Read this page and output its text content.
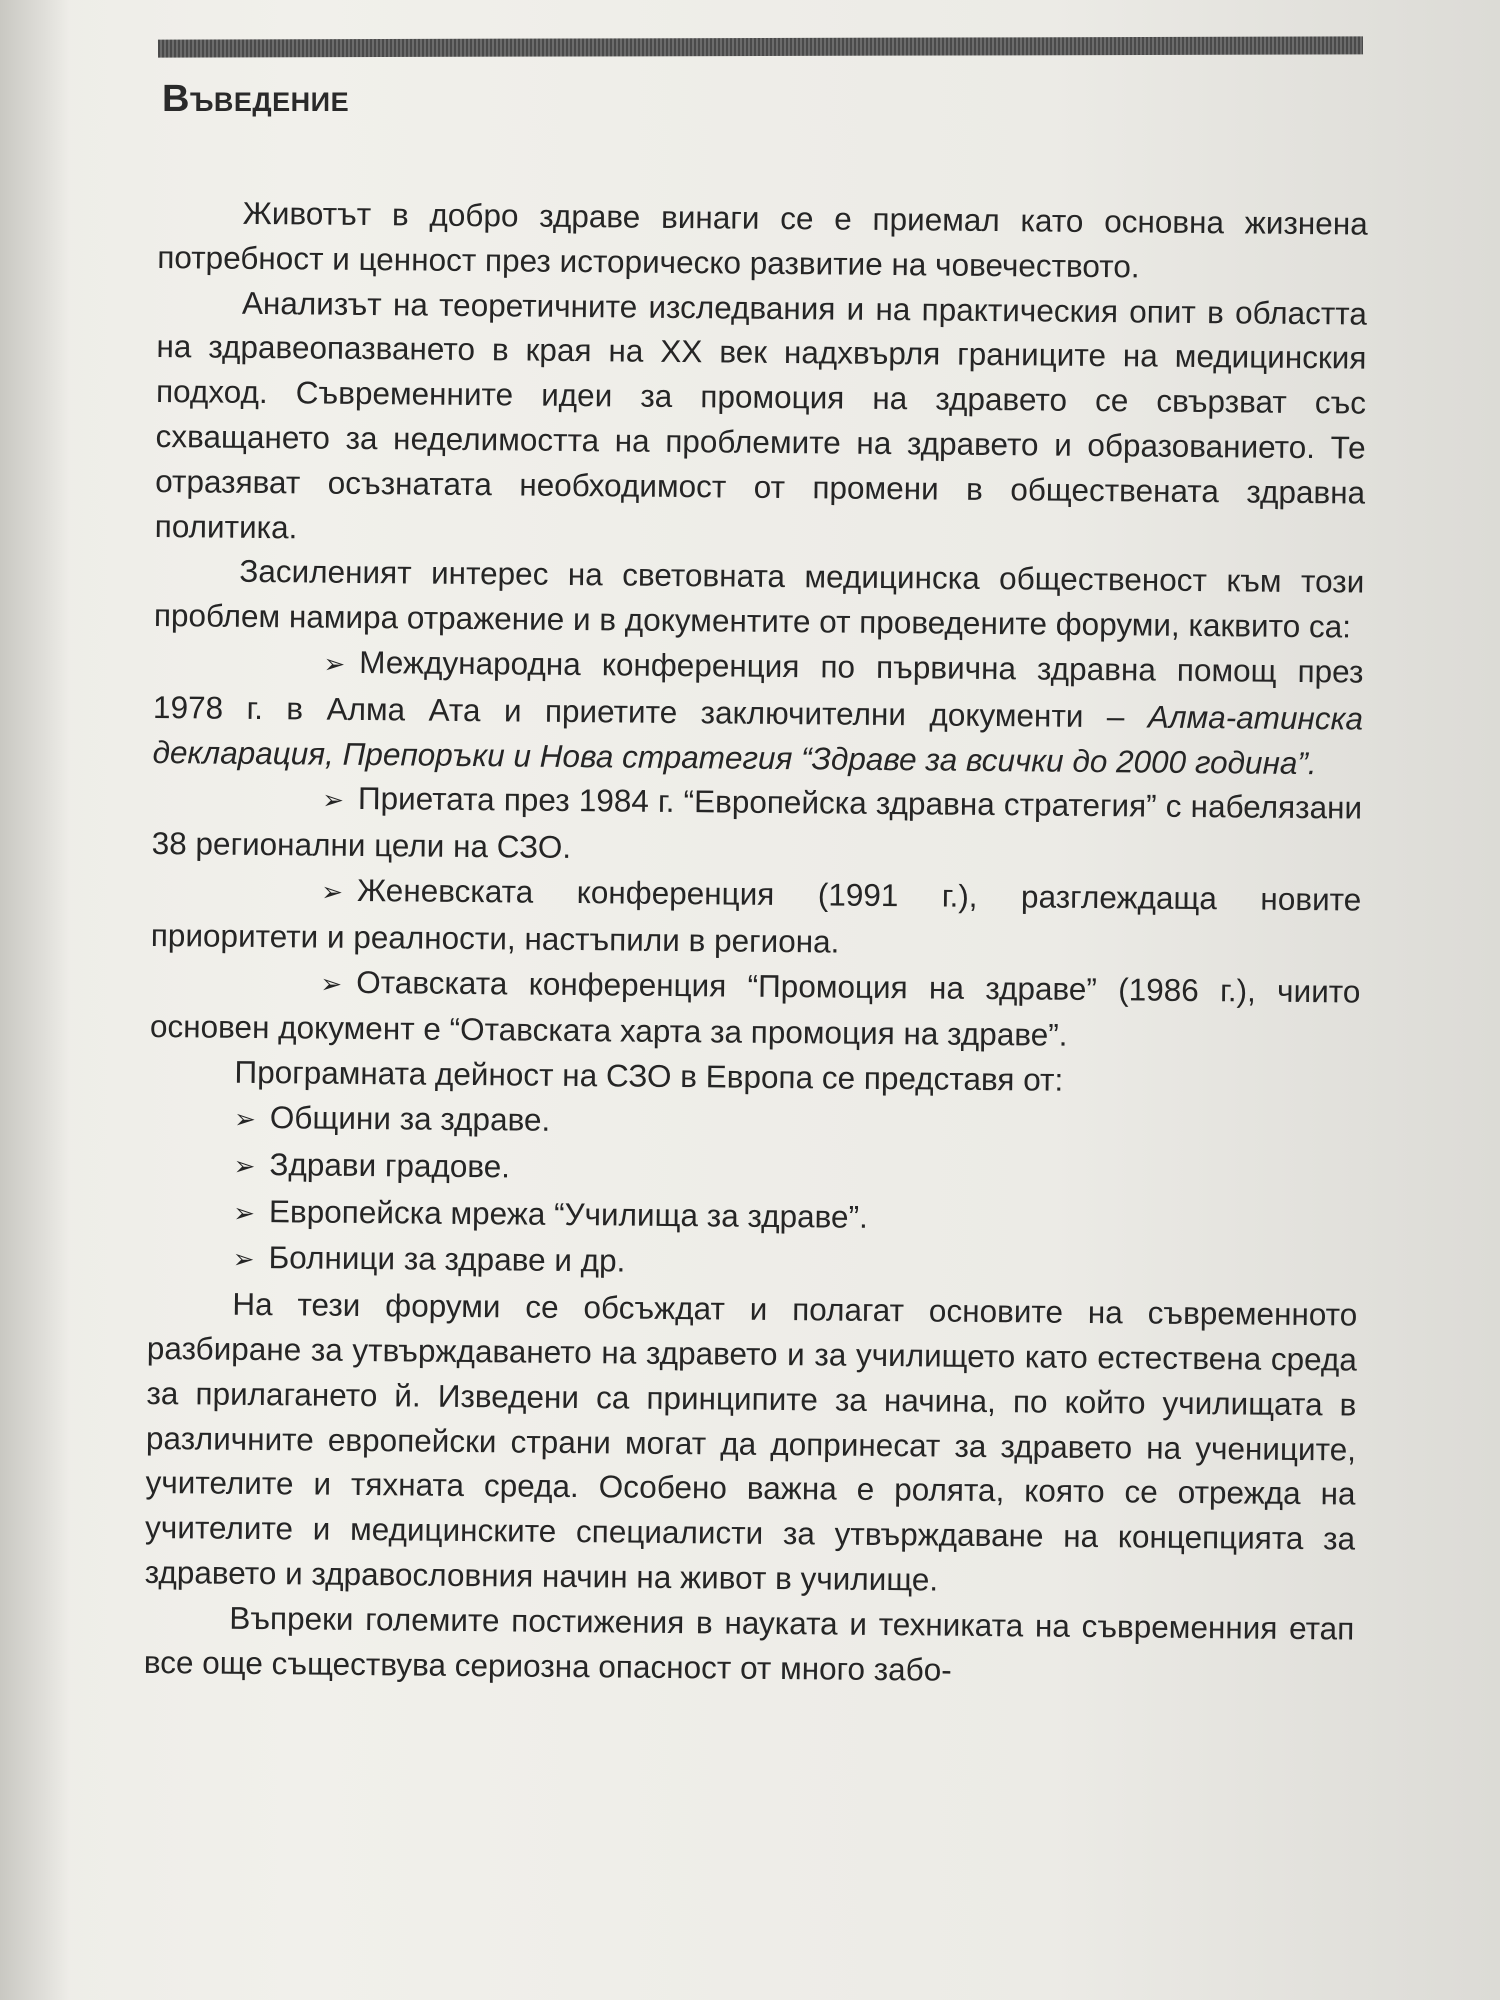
Въведение

Животът в добро здраве винаги се е приемал като основна жизнена потребност и ценност през историческо развитие на човечеството.

Анализът на теоретичните изследвания и на практическия опит в областта на здравеопазването в края на XX век надхвърля границите на медицинския подход. Съвременните идеи за промоция на здравето се свързват със схващането за неделимостта на проблемите на здравето и образованието. Те отразяват осъзнатата необходимост от промени в обществената здравна политика.

Засиленият интерес на световната медицинска общественост към този проблем намира отражение и в документите от проведените форуми, каквито са:

➢ Международна конференция по първична здравна помощ през 1978 г. в Алма Ата и приетите заключителни документи – Алма-атинска декларация, Препоръки и Нова стратегия “Здраве за всички до 2000 година”.

➢ Приетата през 1984 г. “Европейска здравна стратегия” с набелязани 38 регионални цели на СЗО.

➢ Женевската конференция (1991 г.), разглеждаща новите приоритети и реалности, настъпили в региона.

➢ Отавската конференция “Промоция на здраве” (1986 г.), чиито основен документ е “Отавската харта за промоция на здраве”.

Програмната дейност на СЗО в Европа се представя от:

➢ Общини за здраве.

➢ Здрави градове.

➢ Европейска мрежа “Училища за здраве”.

➢ Болници за здраве и др.

На тези форуми се обсъждат и полагат основите на съвременното разбиране за утвърждаването на здравето и за училището като естествена среда за прилагането й. Изведени са принципите за начина, по който училищата в различните европейски страни могат да допринесат за здравето на учениците, учителите и тяхната среда. Особено важна е ролята, която се отрежда на учителите и медицинските специалисти за утвърждаване на концепцията за здравето и здравословния начин на живот в училище.

Въпреки големите постижения в науката и техниката на съвременния етап все още съществува сериозна опасност от много забо-
